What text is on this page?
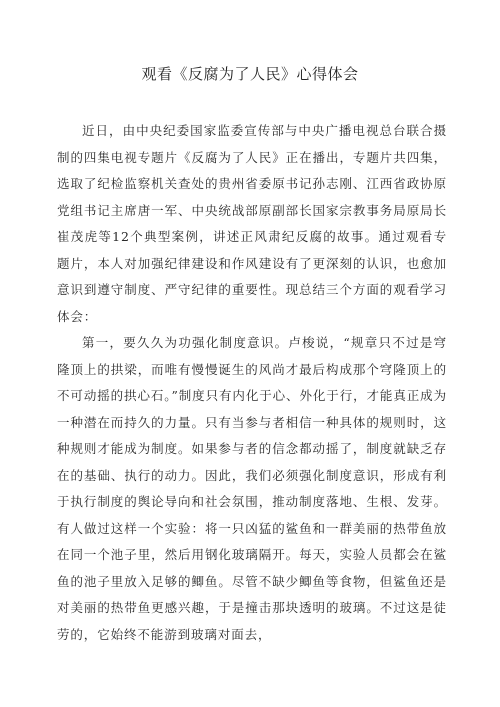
观看《反腐为了人民》心得体会

近日，由中央纪委国家监委宣传部与中央广播电视总台联合摄制的四集电视专题片《反腐为了人民》正在播出，专题片共四集，选取了纪检监察机关查处的贵州省委原书记孙志刚、江西省政协原党组书记主席唐一军、中央统战部原副部长国家宗教事务局原局长崔茂虎等12个典型案例，讲述正风肃纪反腐的故事。通过观看专题片，本人对加强纪律建设和作风建设有了更深刻的认识，也愈加意识到遵守制度、严守纪律的重要性。现总结三个方面的观看学习体会：

第一，要久久为功强化制度意识。卢梭说，“规章只不过是穹隆顶上的拱梁，而唯有慢慢诞生的风尚才最后构成那个穹隆顶上的不可动摇的拱心石。”制度只有内化于心、外化于行，才能真正成为一种潜在而持久的力量。只有当参与者相信一种具体的规则时，这种规则才能成为制度。如果参与者的信念都动摇了，制度就缺乏存在的基础、执行的动力。因此，我们必须强化制度意识，形成有利于执行制度的舆论导向和社会氛围，推动制度落地、生根、发芽。有人做过这样一个实验：将一只凶猛的鲨鱼和一群美丽的热带鱼放在同一个池子里，然后用钢化玻璃隔开。每天，实验人员都会在鲨鱼的池子里放入足够的鲫鱼。尽管不缺少鲫鱼等食物，但鲨鱼还是对美丽的热带鱼更感兴趣，于是撞击那块透明的玻璃。不过这是徒劳的，它始终不能游到玻璃对面去，
